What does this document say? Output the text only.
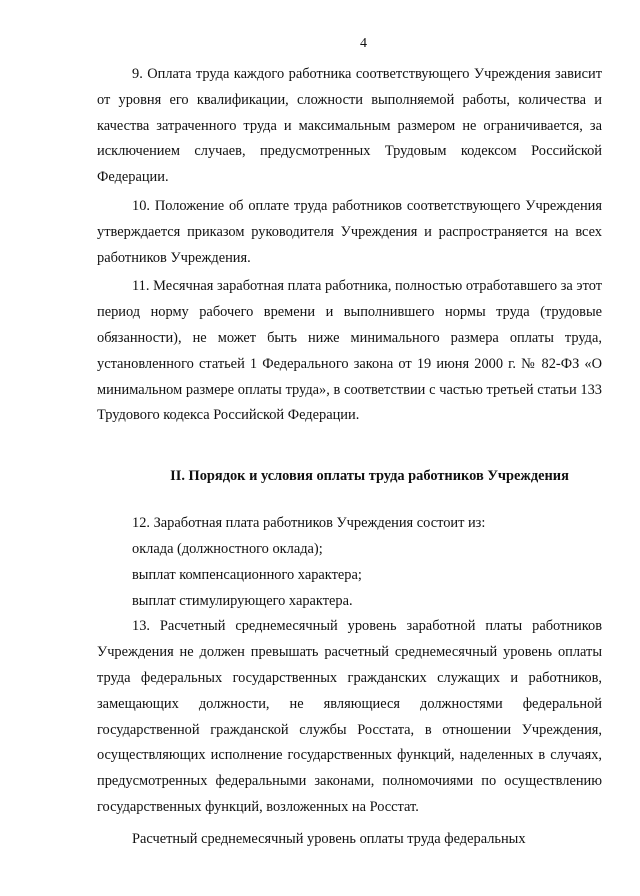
4

9. Оплата труда каждого работника соответствующего Учреждения зависит от уровня его квалификации, сложности выполняемой работы, количества и качества затраченного труда и максимальным размером не ограничивается, за исключением случаев, предусмотренных Трудовым кодексом Российской Федерации.

10. Положение об оплате труда работников соответствующего Учреждения утверждается приказом руководителя Учреждения и распространяется на всех работников Учреждения.

11. Месячная заработная плата работника, полностью отработавшего за этот период норму рабочего времени и выполнившего нормы труда (трудовые обязанности), не может быть ниже минимального размера оплаты труда, установленного статьей 1 Федерального закона от 19 июня 2000 г. № 82-ФЗ «О минимальном размере оплаты труда», в соответствии с частью третьей статьи 133 Трудового кодекса Российской Федерации.

II. Порядок и условия оплаты труда работников Учреждения

12. Заработная плата работников Учреждения состоит из:

оклада (должностного оклада);

выплат компенсационного характера;

выплат стимулирующего характера.

13. Расчетный среднемесячный уровень заработной платы работников Учреждения не должен превышать расчетный среднемесячный уровень оплаты труда федеральных государственных гражданских служащих и работников, замещающих должности, не являющиеся должностями федеральной государственной гражданской службы Росстата, в отношении Учреждения, осуществляющих исполнение государственных функций, наделенных в случаях, предусмотренных федеральными законами, полномочиями по осуществлению государственных функций, возложенных на Росстат.

Расчетный среднемесячный уровень оплаты труда федеральных
